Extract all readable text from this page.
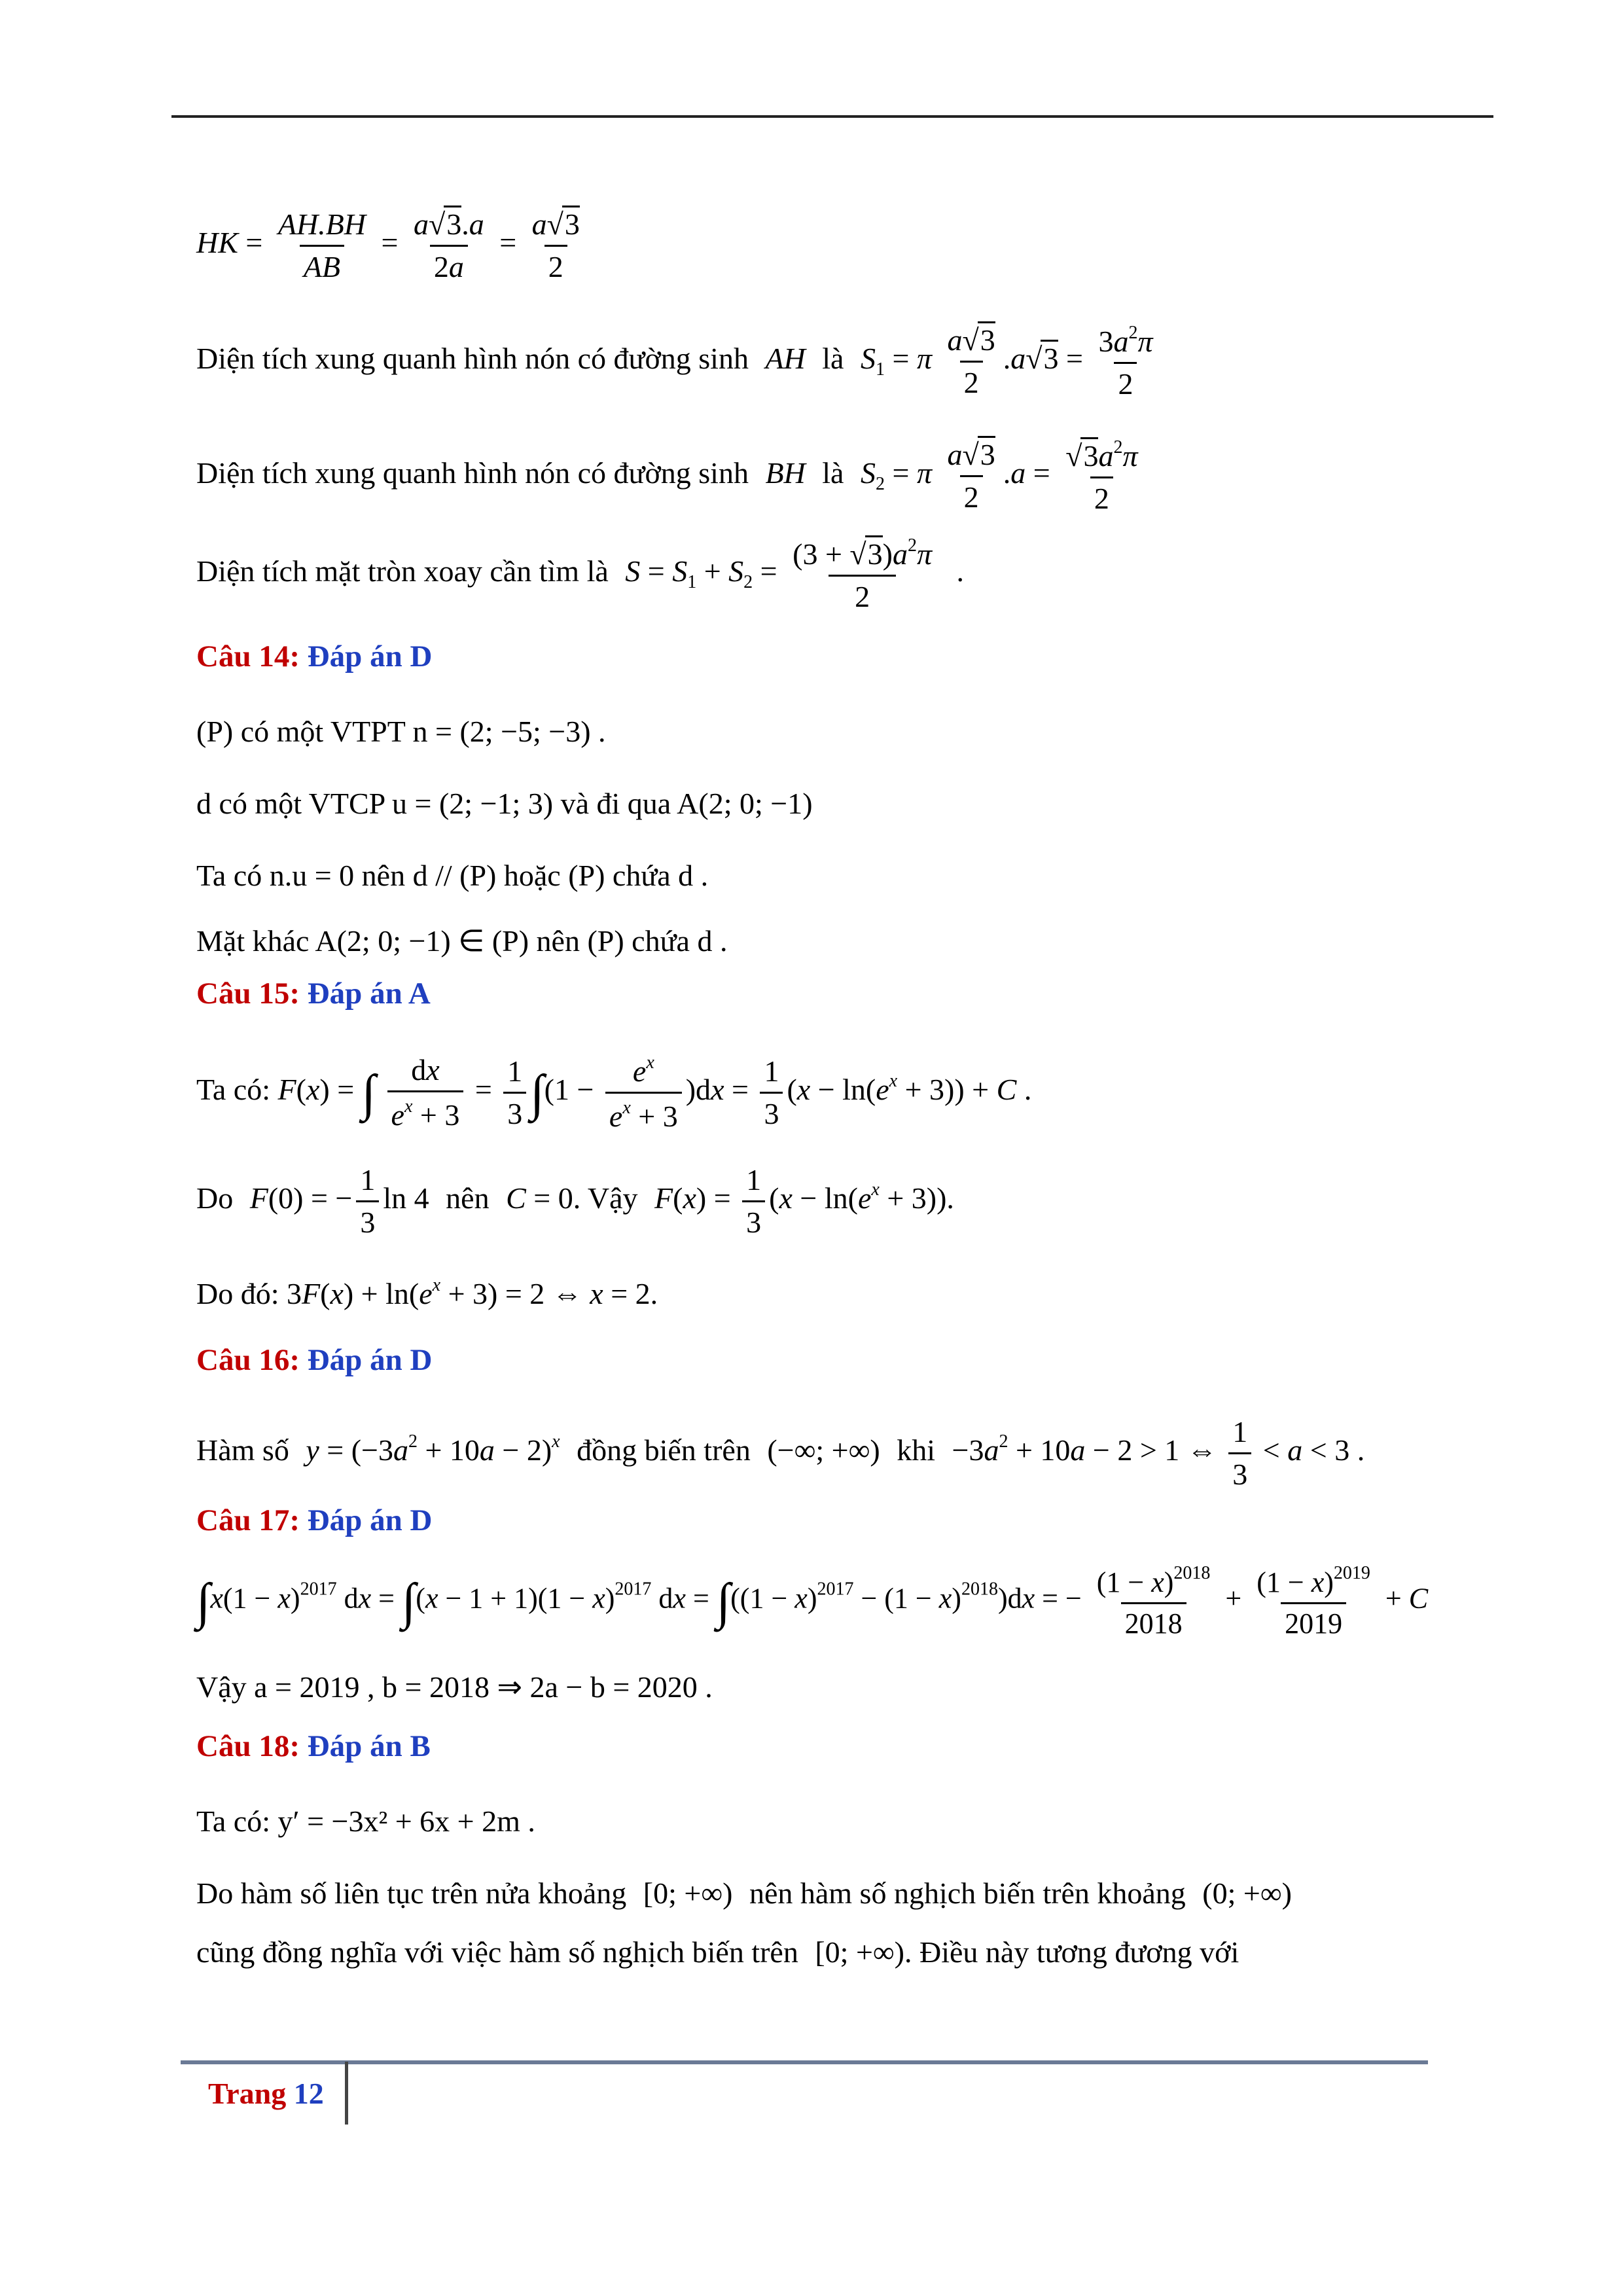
HK = $\frac{AH.BH}{AB} = \frac{a√3.a}{2a} = \frac{a√3}{2}$
Diện tích xung quanh hình nón có đường sinh AH là $S_1 = \pi \frac{a√3}{2} .a√3 = \frac{3a^2\pi}{2}$
Diện tích xung quanh hình nón có đường sinh BH là $S_2 = \pi \frac{a√3}{2} .a = \frac{√3a^2\pi}{2}$
Diện tích mặt tròn xoay cần tìm là $S = S_1 + S_2 = \frac{(3 + √3)a^2\pi}{2}$ .
Câu 14: Đáp án D
(P) có một VTPT n = (2; −5; −3) .
d có một VTCP u = (2; −1; 3) và đi qua A(2; 0; −1)
Ta có n.u = 0 nên d // (P) hoặc (P) chứa d .
Mặt khác A(2; 0; −1) ∈ (P) nên (P) chứa d .
Câu 15: Đáp án A
Ta có: F(x) = ∫ $\frac{dx}{e^x + 3} = \frac{1}{3} \int(1 - \frac{e^x}{e^x + 3} )dx = \frac{1}{3} (x - \ln(e^x + 3)) + C$ .
Do F(0) = − $\frac{1}{3}$ ln 4 nên C = 0. Vậy $F(x) = \frac{1}{3} (x - \ln(e^x + 3))$.
Do đó: $3F(x) + \ln(e^x + 3) = 2$ ⇔ x = 2.
Câu 16: Đáp án D
Hàm số $y = (-3a^2 + 10a - 2)^x$ đồng biến trên (−∞; +∞) khi $-3a^2 + 10a - 2 > 1$ ⇔ $\frac{1}{3} < a < 3$ .
Câu 17: Đáp án D
$\int x(1 - x)^{2017}$ dx = $\int(x - 1 + 1)(1 - x)^{2017}$ dx = $\int((1 - x)^{2017} - (1 - x)^{2018})dx$ = − $\frac{(1 - x)^{2018}}{2018} + \frac{(1 - x)^{2019}}{2019} + C$
Vậy a = 2019 , b = 2018 ⇒ 2a − b = 2020 .
Câu 18: Đáp án B
Ta có: y′ = −3x² + 6x + 2m .
Do hàm số liên tục trên nửa khoảng [0; +∞) nên hàm số nghịch biến trên khoảng (0; +∞)
cũng đồng nghĩa với việc hàm số nghịch biến trên [0; +∞). Điều này tương đương với
Trang 12
